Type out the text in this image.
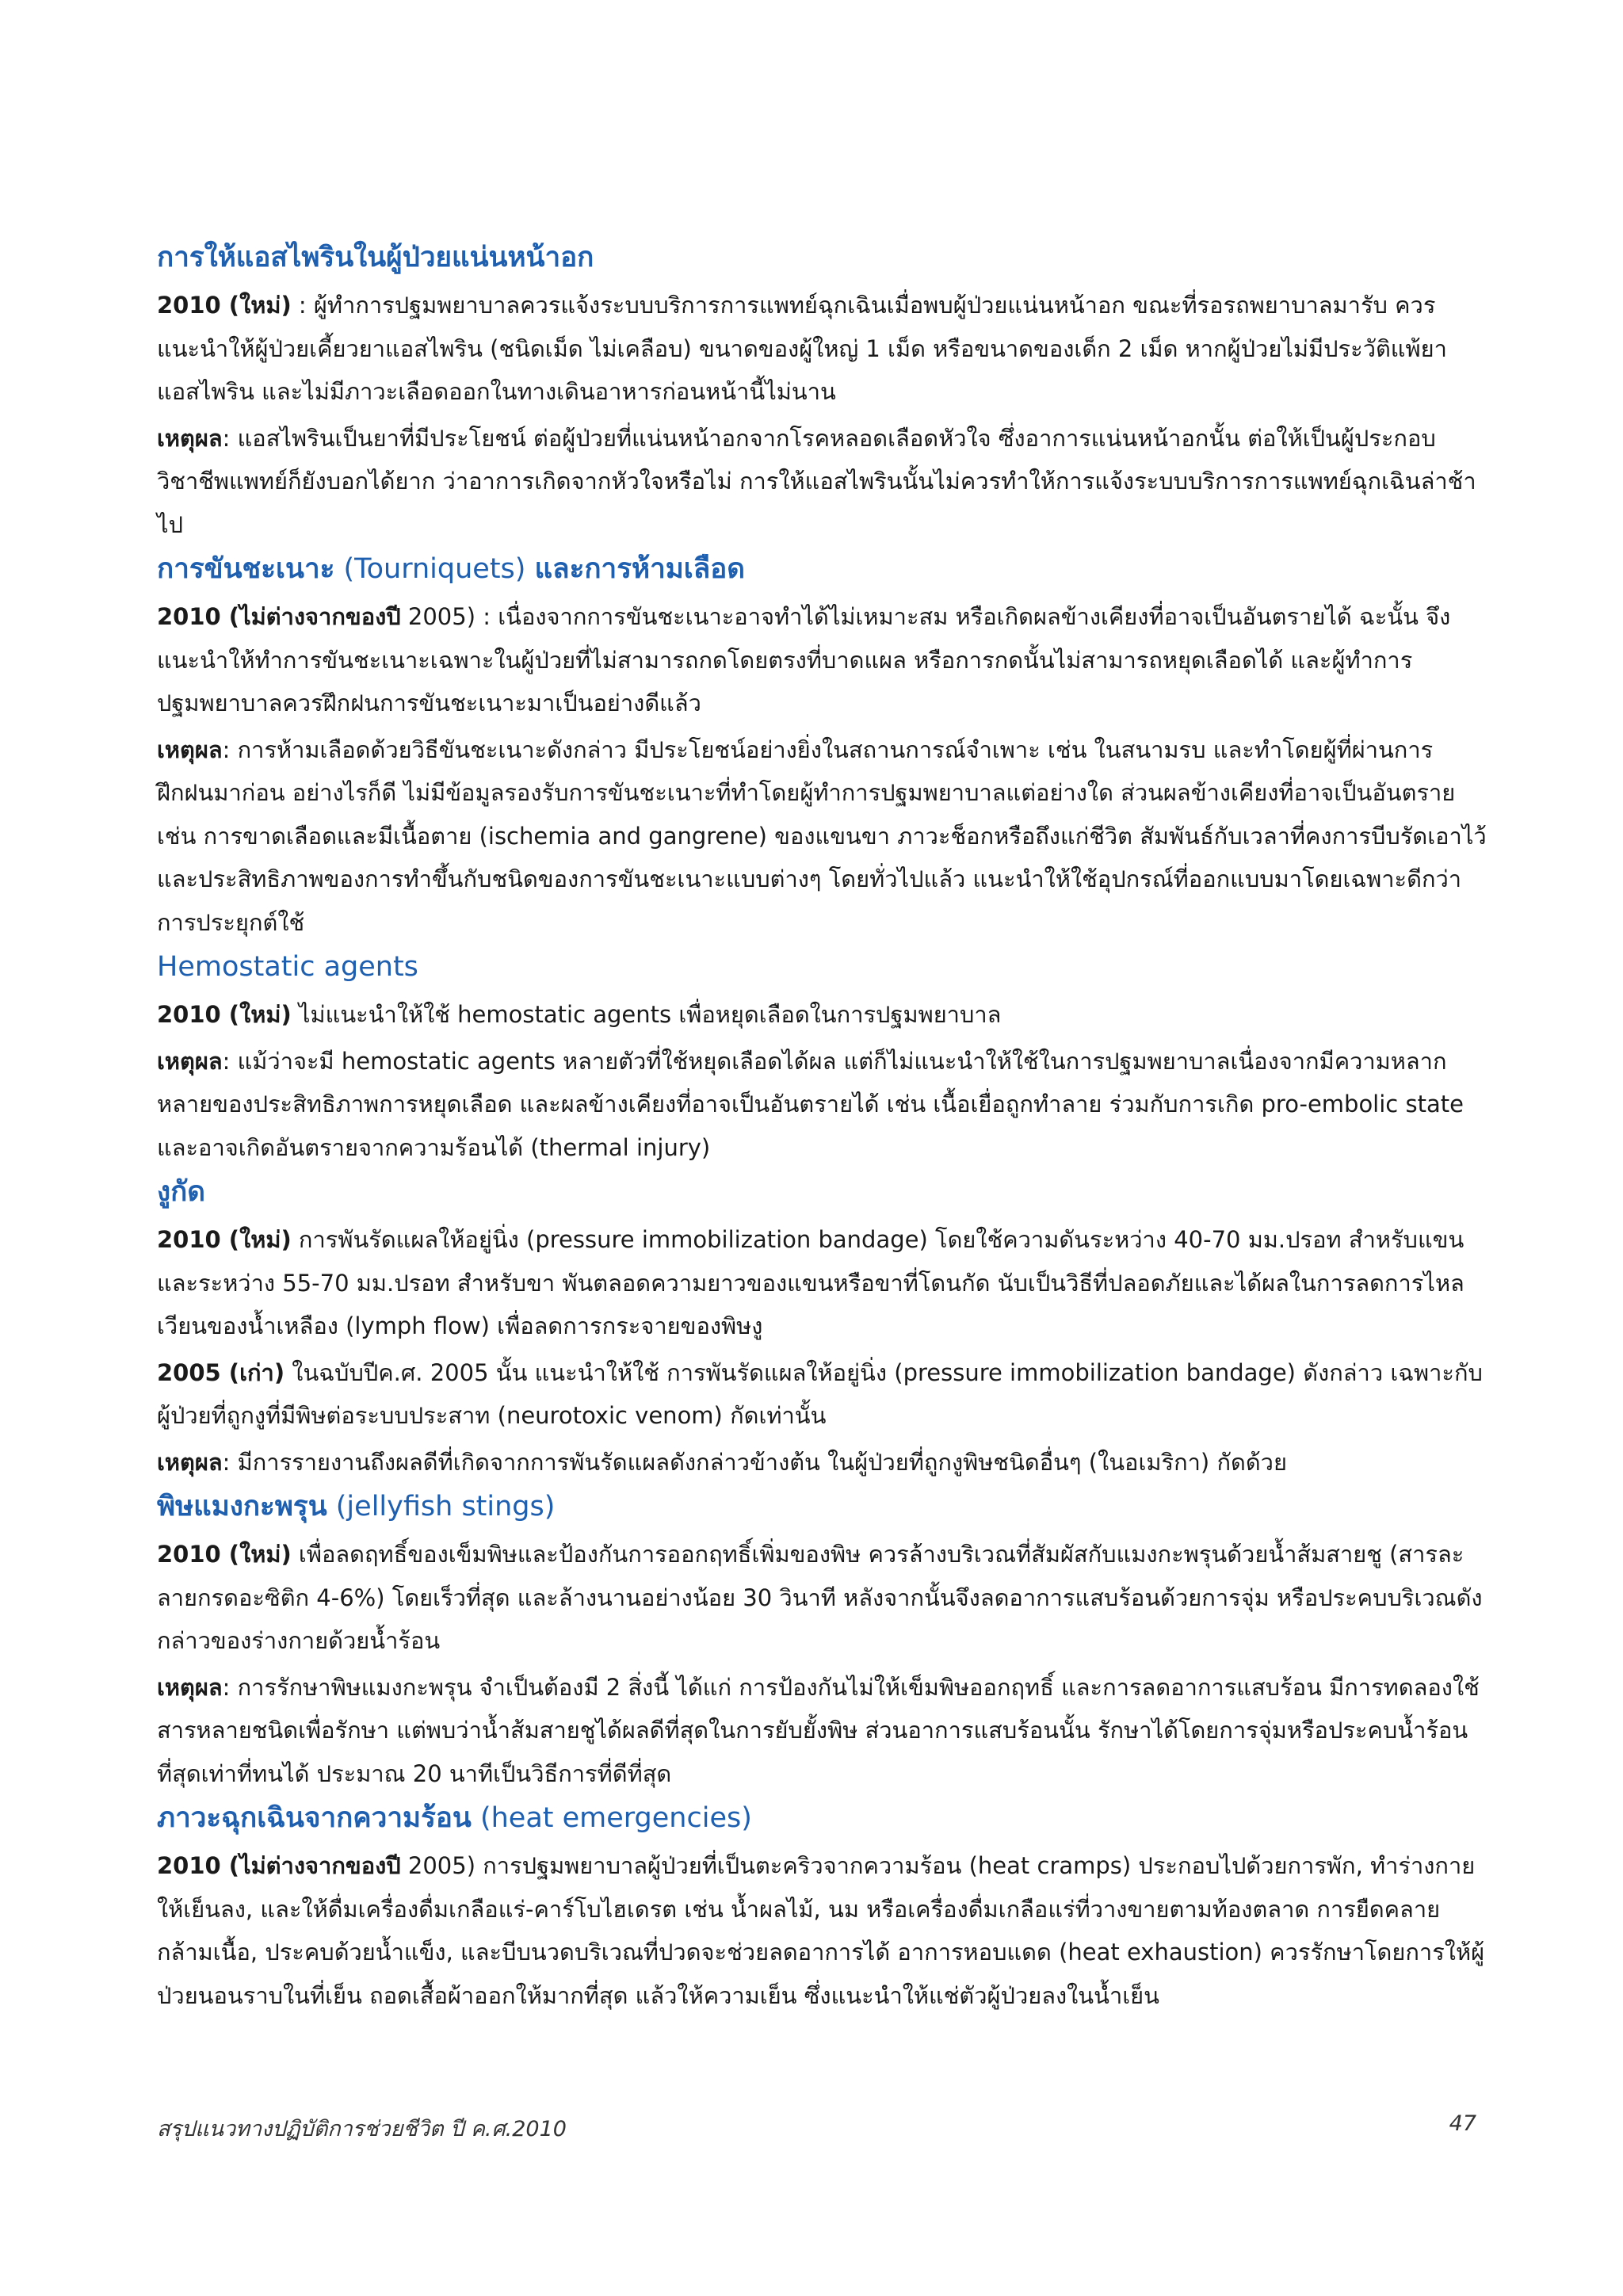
การให้แอสไพรินในผู้ป่วยแน่นหน้าอก

2010 (ใหม่) : ผู้ทำการปฐมพยาบาลควรแจ้งระบบบริการการแพทย์ฉุกเฉินเมื่อพบผู้ป่วยแน่นหน้าอก ขณะที่รอรถพยาบาลมารับ ควรแนะนำให้ผู้ป่วยเคี้ยวยาแอสไพริน (ชนิดเม็ด ไม่เคลือบ) ขนาดของผู้ใหญ่ 1 เม็ด หรือขนาดของเด็ก 2 เม็ด หากผู้ป่วยไม่มีประวัติแพ้ยาแอสไพริน และไม่มีภาวะเลือดออกในทางเดินอาหารก่อนหน้านี้ไม่นาน

เหตุผล: แอสไพรินเป็นยาที่มีประโยชน์ ต่อผู้ป่วยที่แน่นหน้าอกจากโรคหลอดเลือดหัวใจ ซึ่งอาการแน่นหน้าอกนั้น ต่อให้เป็นผู้ประกอบวิชาชีพแพทย์ก็ยังบอกได้ยาก ว่าอาการเกิดจากหัวใจหรือไม่ การให้แอสไพรินนั้นไม่ควรทำให้การแจ้งระบบบริการการแพทย์ฉุกเฉินล่าช้าไป

การขันชะเนาะ (Tourniquets) และการห้ามเลือด

2010 (ไม่ต่างจากของปี 2005) : เนื่องจากการขันชะเนาะอาจทำได้ไม่เหมาะสม หรือเกิดผลข้างเคียงที่อาจเป็นอันตรายได้ ฉะนั้น จึงแนะนำให้ทำการขันชะเนาะเฉพาะในผู้ป่วยที่ไม่สามารถกดโดยตรงที่บาดแผล หรือการกดนั้นไม่สามารถหยุดเลือดได้ และผู้ทำการปฐมพยาบาลควรฝึกฝนการขันชะเนาะมาเป็นอย่างดีแล้ว

เหตุผล: การห้ามเลือดด้วยวิธีขันชะเนาะดังกล่าว มีประโยชน์อย่างยิ่งในสถานการณ์จำเพาะ เช่น ในสนามรบ และทำโดยผู้ที่ผ่านการฝึกฝนมาก่อน อย่างไรก็ดี ไม่มีข้อมูลรองรับการขันชะเนาะที่ทำโดยผู้ทำการปฐมพยาบาลแต่อย่างใด ส่วนผลข้างเคียงที่อาจเป็นอันตราย เช่น การขาดเลือดและมีเนื้อตาย (ischemia and gangrene) ของแขนขา ภาวะช็อกหรือถึงแก่ชีวิต สัมพันธ์กับเวลาที่คงการบีบรัดเอาไว้ และประสิทธิภาพของการทำขึ้นกับชนิดของการขันชะเนาะแบบต่างๆ โดยทั่วไปแล้ว แนะนำให้ใช้อุปกรณ์ที่ออกแบบมาโดยเฉพาะดีกว่าการประยุกต์ใช้

Hemostatic agents

2010 (ใหม่) ไม่แนะนำให้ใช้ hemostatic agents เพื่อหยุดเลือดในการปฐมพยาบาล

เหตุผล: แม้ว่าจะมี hemostatic agents หลายตัวที่ใช้หยุดเลือดได้ผล แต่ก็ไม่แนะนำให้ใช้ในการปฐมพยาบาลเนื่องจากมีความหลากหลายของประสิทธิภาพการหยุดเลือด และผลข้างเคียงที่อาจเป็นอันตรายได้ เช่น เนื้อเยื่อถูกทำลาย ร่วมกับการเกิด pro-embolic state และอาจเกิดอันตรายจากความร้อนได้ (thermal injury)

งูกัด

2010 (ใหม่) การพันรัดแผลให้อยู่นิ่ง (pressure immobilization bandage) โดยใช้ความดันระหว่าง 40-70 มม.ปรอท สำหรับแขน และระหว่าง 55-70 มม.ปรอท สำหรับขา พันตลอดความยาวของแขนหรือขาที่โดนกัด นับเป็นวิธีที่ปลอดภัยและได้ผลในการลดการไหลเวียนของน้ำเหลือง (lymph flow) เพื่อลดการกระจายของพิษงู

2005 (เก่า) ในฉบับปีค.ศ. 2005 นั้น แนะนำให้ใช้ การพันรัดแผลให้อยู่นิ่ง (pressure immobilization bandage) ดังกล่าว เฉพาะกับผู้ป่วยที่ถูกงูที่มีพิษต่อระบบประสาท (neurotoxic venom) กัดเท่านั้น

เหตุผล: มีการรายงานถึงผลดีที่เกิดจากการพันรัดแผลดังกล่าวข้างต้น ในผู้ป่วยที่ถูกงูพิษชนิดอื่นๆ (ในอเมริกา) กัดด้วย

พิษแมงกะพรุน (jellyfish stings)

2010 (ใหม่) เพื่อลดฤทธิ์ของเข็มพิษและป้องกันการออกฤทธิ์เพิ่มของพิษ ควรล้างบริเวณที่สัมผัสกับแมงกะพรุนด้วยน้ำส้มสายชู (สารละลายกรดอะซิติก 4-6%) โดยเร็วที่สุด และล้างนานอย่างน้อย 30 วินาที หลังจากนั้นจึงลดอาการแสบร้อนด้วยการจุ่ม หรือประคบบริเวณดังกล่าวของร่างกายด้วยน้ำร้อน

เหตุผล: การรักษาพิษแมงกะพรุน จำเป็นต้องมี 2 สิ่งนี้ ได้แก่ การป้องกันไม่ให้เข็มพิษออกฤทธิ์ และการลดอาการแสบร้อน มีการทดลองใช้สารหลายชนิดเพื่อรักษา แต่พบว่าน้ำส้มสายชูได้ผลดีที่สุดในการยับยั้งพิษ ส่วนอาการแสบร้อนนั้น รักษาได้โดยการจุ่มหรือประคบน้ำร้อนที่สุดเท่าที่ทนได้ ประมาณ 20 นาทีเป็นวิธีการที่ดีที่สุด

ภาวะฉุกเฉินจากความร้อน (heat emergencies)

2010 (ไม่ต่างจากของปี 2005) การปฐมพยาบาลผู้ป่วยที่เป็นตะคริวจากความร้อน (heat cramps) ประกอบไปด้วยการพัก, ทำร่างกายให้เย็นลง, และให้ดื่มเครื่องดื่มเกลือแร่-คาร์โบไฮเดรต เช่น น้ำผลไม้, นม หรือเครื่องดื่มเกลือแร่ที่วางขายตามท้องตลาด การยืดคลายกล้ามเนื้อ, ประคบด้วยน้ำแข็ง, และบีบนวดบริเวณที่ปวดจะช่วยลดอาการได้ อาการหอบแดด (heat exhaustion) ควรรักษาโดยการให้ผู้ป่วยนอนราบในที่เย็น ถอดเสื้อผ้าออกให้มากที่สุด แล้วให้ความเย็น ซึ่งแนะนำให้แช่ตัวผู้ป่วยลงในน้ำเย็น

สรุปแนวทางปฏิบัติการช่วยชีวิต ปี ค.ศ.2010	47
